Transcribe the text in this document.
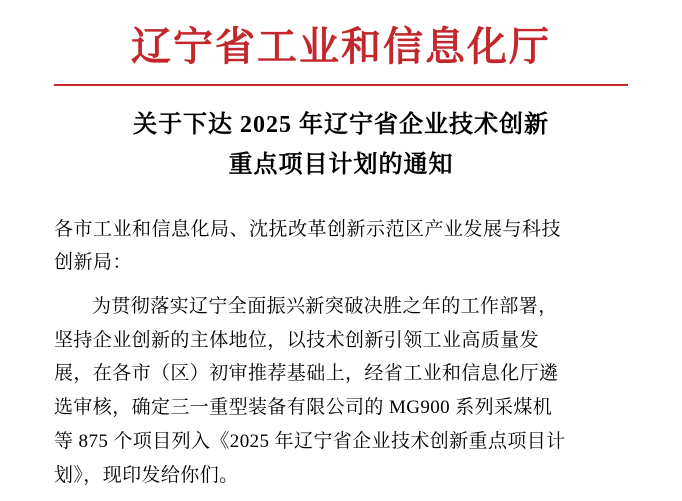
辽宁省工业和信息化厅
关于下达 2025 年辽宁省企业技术创新
重点项目计划的通知
各市工业和信息化局、沈抚改革创新示范区产业发展与科技
创新局：
为贯彻落实辽宁全面振兴新突破决胜之年的工作部署，
坚持企业创新的主体地位，以技术创新引领工业高质量发
展，在各市（区）初审推荐基础上，经省工业和信息化厅遴
选审核，确定三一重型装备有限公司的 MG900 系列采煤机
等 875 个项目列入《2025 年辽宁省企业技术创新重点项目计
划》，现印发给你们。
